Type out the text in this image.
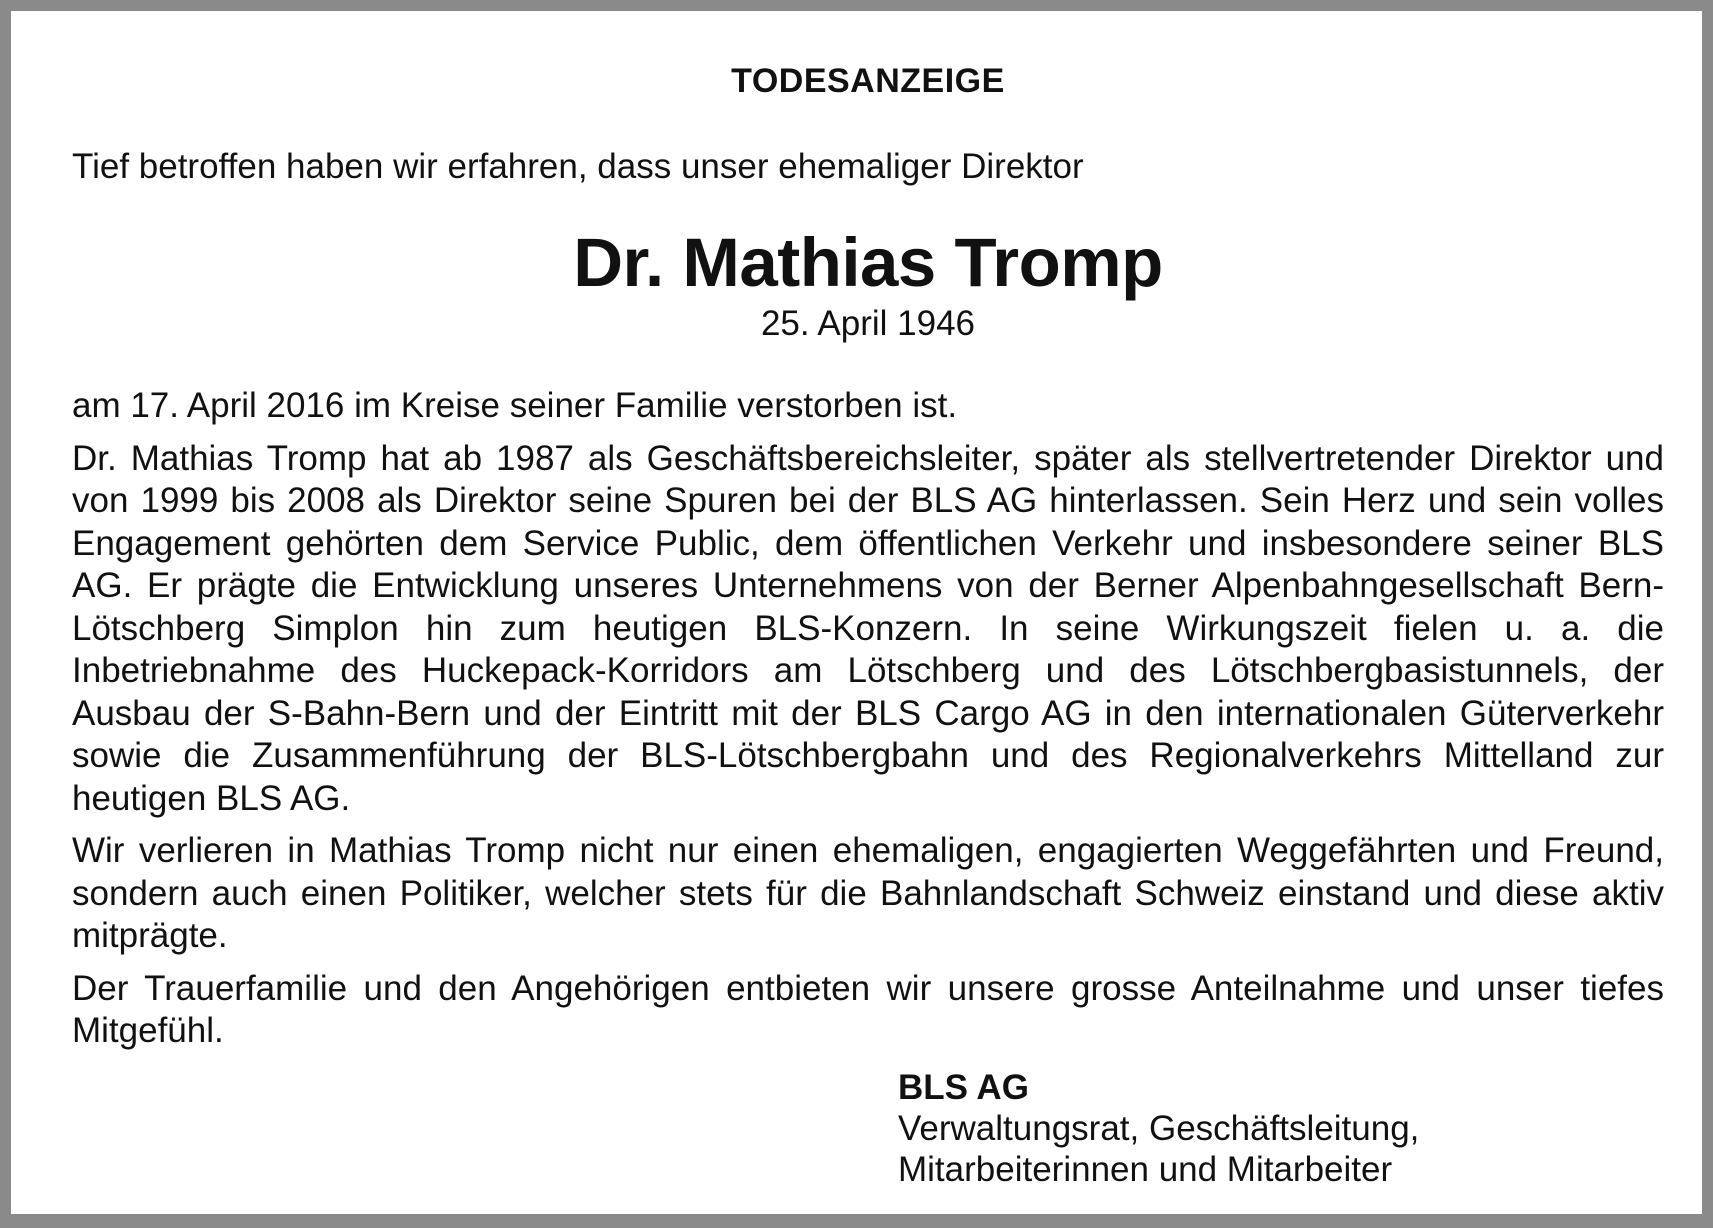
TODESANZEIGE
Tief betroffen haben wir erfahren, dass unser ehemaliger Direktor
Dr. Mathias Tromp
25. April 1946

am 17. April 2016 im Kreise seiner Familie verstorben ist.

Dr. Mathias Tromp hat ab 1987 als Geschäftsbereichsleiter, später als stellvertretender Direktor und von 1999 bis 2008 als Direktor seine Spuren bei der BLS AG hinterlassen. Sein Herz und sein volles Engagement gehörten dem Service Public, dem öffentlichen Verkehr und insbesondere seiner BLS AG. Er prägte die Entwicklung unseres Unternehmens von der Berner Alpenbahngesellschaft Bern-Lötschberg Simplon hin zum heutigen BLS-Konzern. In seine Wirkungszeit fielen u. a. die Inbetriebnahme des Huckepack-Korridors am Lötschberg und des Lötschbergbasistunnels, der Ausbau der S-Bahn-Bern und der Eintritt mit der BLS Cargo AG in den internationalen Güterverkehr sowie die Zusammenführung der BLS-Lötschbergbahn und des Regionalverkehrs Mittelland zur heutigen BLS AG.

Wir verlieren in Mathias Tromp nicht nur einen ehemaligen, engagierten Weggefährten und Freund, sondern auch einen Politiker, welcher stets für die Bahnlandschaft Schweiz einstand und diese aktiv mitprägte.

Der Trauerfamilie und den Angehörigen entbieten wir unsere grosse Anteilnahme und unser tiefes Mitgefühl.

BLS AG
Verwaltungsrat, Geschäftsleitung,
Mitarbeiterinnen und Mitarbeiter
